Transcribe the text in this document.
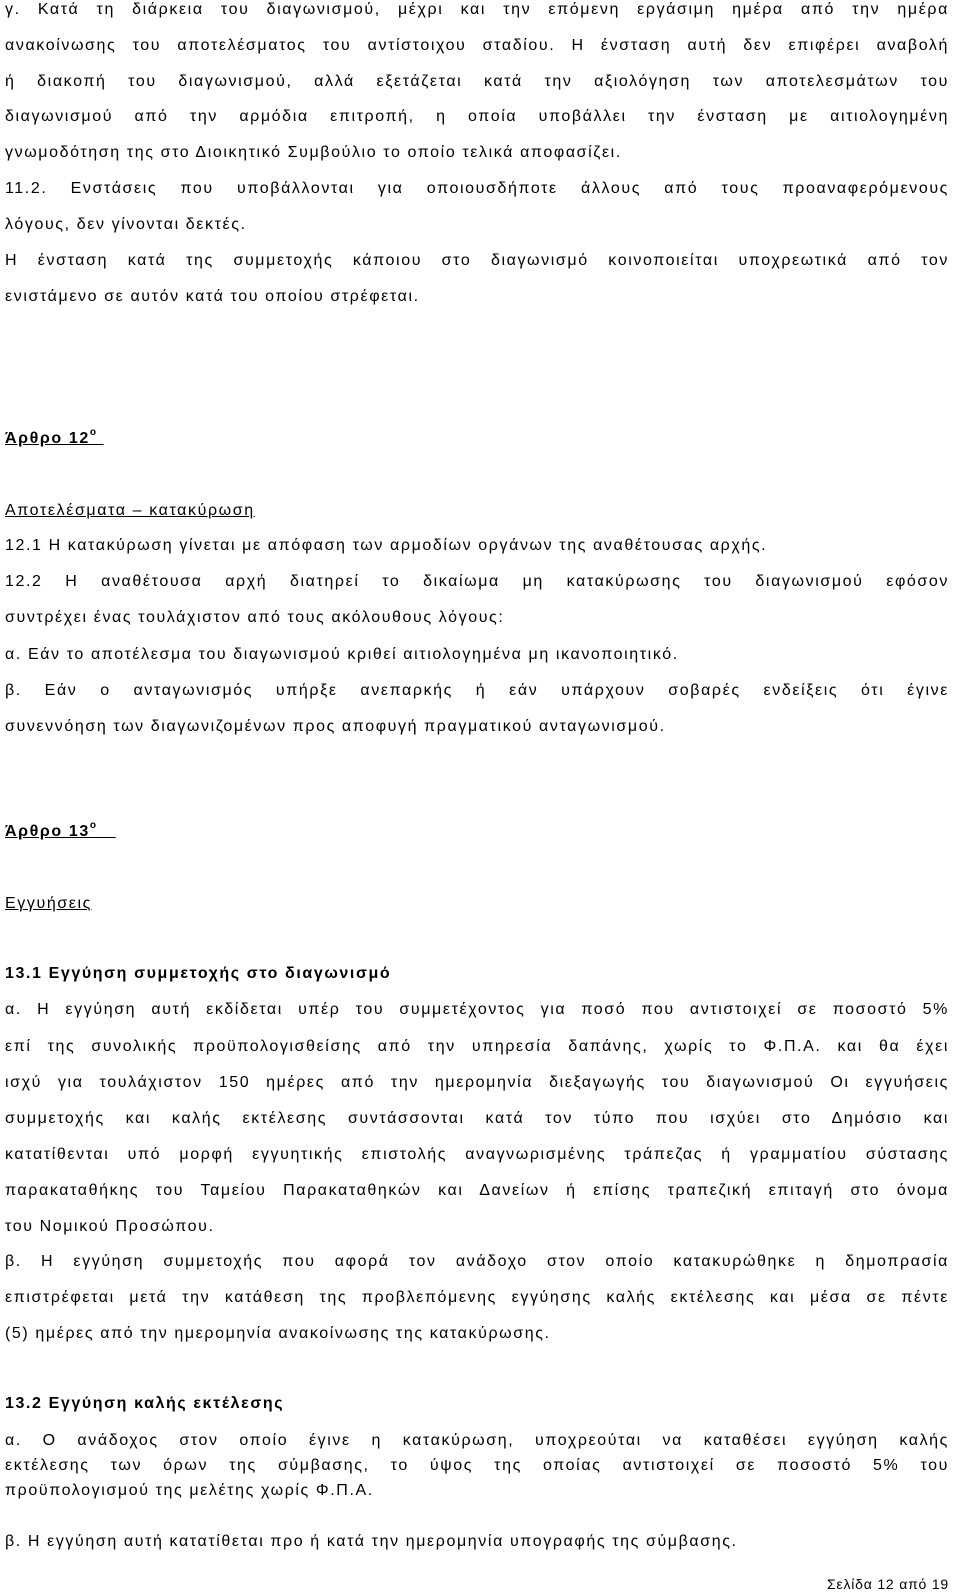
γ. Κατά τη διάρκεια του διαγωνισμού, μέχρι και την επόμενη εργάσιμη ημέρα από την ημέρα
ανακοίνωσης του αποτελέσματος του αντίστοιχου σταδίου. Η ένσταση αυτή δεν επιφέρει αναβολή
ή διακοπή του διαγωνισμού, αλλά εξετάζεται κατά την αξιολόγηση των αποτελεσμάτων του
διαγωνισμού από την αρμόδια επιτροπή, η οποία υποβάλλει την ένσταση με αιτιολογημένη
γνωμοδότηση της στο Διοικητικό Συμβούλιο το οποίο τελικά αποφασίζει.
11.2. Ενστάσεις που υποβάλλονται για οποιουσδήποτε άλλους από τους προαναφερόμενους
λόγους, δεν γίνονται δεκτές.
Η ένσταση κατά της συμμετοχής κάποιου στο διαγωνισμό κοινοποιείται υποχρεωτικά από τον
ενιστάμενο σε αυτόν κατά του οποίου στρέφεται.
Άρθρο $12^o$
Αποτελέσματα – κατακύρωση
12.1 Η κατακύρωση γίνεται με απόφαση των αρμοδίων οργάνων της αναθέτουσας αρχής.
12.2 Η αναθέτουσα αρχή διατηρεί το δικαίωμα μη κατακύρωσης του διαγωνισμού εφόσον
συντρέχει ένας τουλάχιστον από τους ακόλουθους λόγους:
α. Εάν το αποτέλεσμα του διαγωνισμού κριθεί αιτιολογημένα μη ικανοποιητικό.
β. Εάν ο ανταγωνισμός υπήρξε ανεπαρκής ή εάν υπάρχουν σοβαρές ενδείξεις ότι έγινε
συνεννόηση των διαγωνιζομένων προς αποφυγή πραγματικού ανταγωνισμού.
Άρθρο $13^o$
Εγγυήσεις
13.1 Εγγύηση συμμετοχής στο διαγωνισμό
α. Η εγγύηση αυτή εκδίδεται υπέρ του συμμετέχοντος για ποσό που αντιστοιχεί σε ποσοστό 5%
επί της συνολικής προϋπολογισθείσης από την υπηρεσία δαπάνης, χωρίς το Φ.Π.Α. και θα έχει
ισχύ για τουλάχιστον 150 ημέρες από την ημερομηνία διεξαγωγής του διαγωνισμού Οι εγγυήσεις
συμμετοχής και καλής εκτέλεσης συντάσσονται κατά τον τύπο που ισχύει στο Δημόσιο και
κατατίθενται υπό μορφή εγγυητικής επιστολής αναγνωρισμένης τράπεζας ή γραμματίου σύστασης
παρακαταθήκης του Ταμείου Παρακαταθηκών και Δανείων ή επίσης τραπεζική επιταγή στο όνομα
του Νομικού Προσώπου.
β. Η εγγύηση συμμετοχής που αφορά τον ανάδοχο στον οποίο κατακυρώθηκε η δημοπρασία
επιστρέφεται μετά την κατάθεση της προβλεπόμενης εγγύησης καλής εκτέλεσης και μέσα σε πέντε
(5) ημέρες από την ημερομηνία ανακοίνωσης της κατακύρωσης.
13.2 Εγγύηση καλής εκτέλεσης
α. Ο ανάδοχος στον οποίο έγινε η κατακύρωση, υποχρεούται να καταθέσει εγγύηση καλής
εκτέλεσης των όρων της σύμβασης, το ύψος της οποίας αντιστοιχεί σε ποσοστό 5% του
προϋπολογισμού της μελέτης χωρίς Φ.Π.Α.
β. Η εγγύηση αυτή κατατίθεται προ ή κατά την ημερομηνία υπογραφής της σύμβασης.
Σελίδα 12 από 19
